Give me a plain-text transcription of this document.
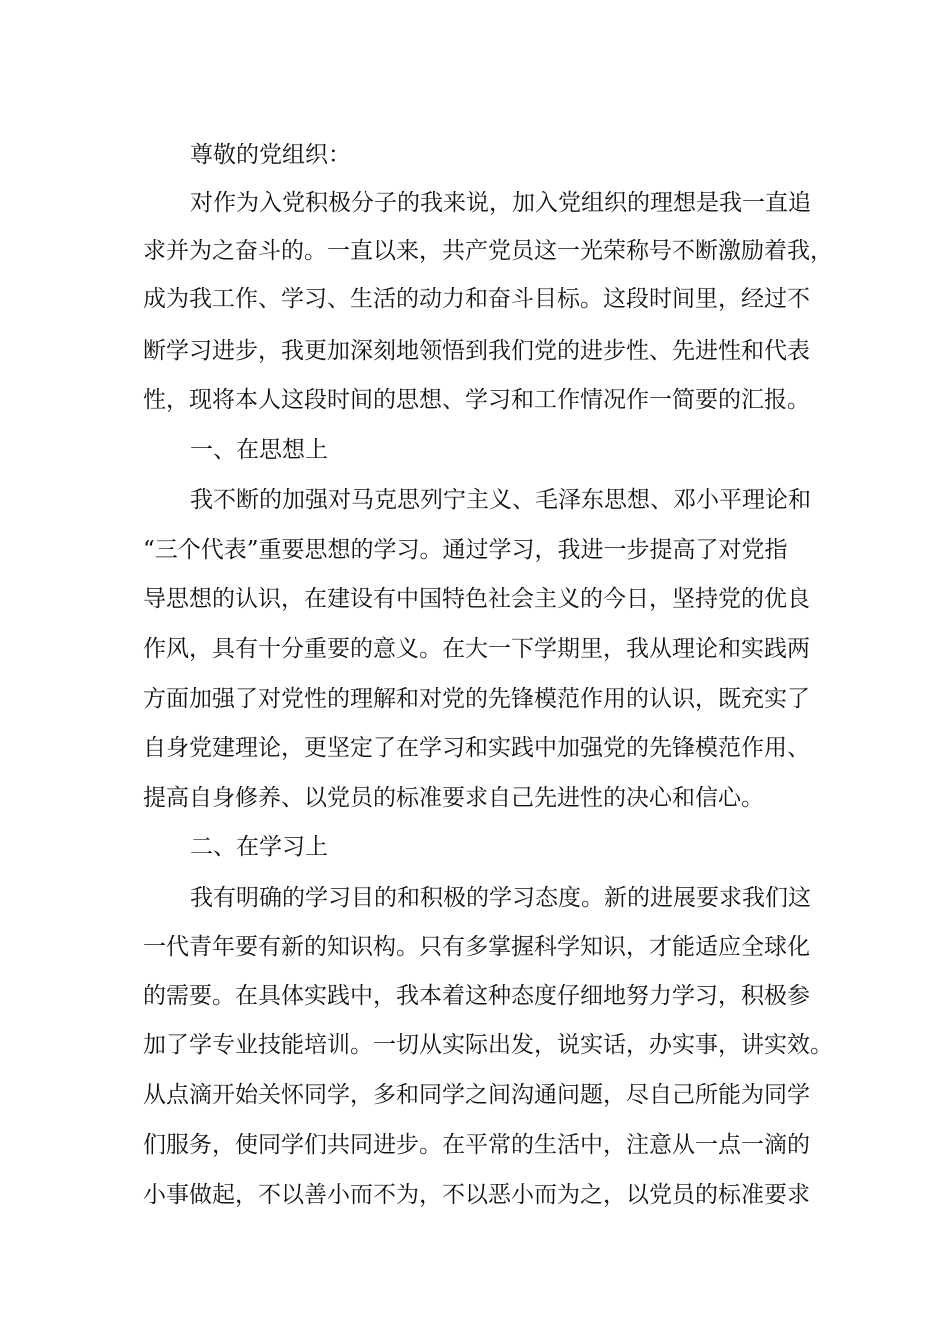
尊敬的党组织：
对作为入党积极分子的我来说，加入党组织的理想是我一直追
求并为之奋斗的。一直以来，共产党员这一光荣称号不断激励着我，
成为我工作、学习、生活的动力和奋斗目标。这段时间里，经过不
断学习进步，我更加深刻地领悟到我们党的进步性、先进性和代表
性，现将本人这段时间的思想、学习和工作情况作一简要的汇报。
一、在思想上
我不断的加强对马克思列宁主义、毛泽东思想、邓小平理论和
“三个代表”重要思想的学习。通过学习，我进一步提高了对党指
导思想的认识，在建设有中国特色社会主义的今日，坚持党的优良
作风，具有十分重要的意义。在大一下学期里，我从理论和实践两
方面加强了对党性的理解和对党的先锋模范作用的认识，既充实了
自身党建理论，更坚定了在学习和实践中加强党的先锋模范作用、
提高自身修养、以党员的标准要求自己先进性的决心和信心。
二、在学习上
我有明确的学习目的和积极的学习态度。新的进展要求我们这
一代青年要有新的知识构。只有多掌握科学知识，才能适应全球化
的需要。在具体实践中，我本着这种态度仔细地努力学习，积极参
加了学专业技能培训。一切从实际出发，说实话，办实事，讲实效。
从点滴开始关怀同学，多和同学之间沟通问题，尽自己所能为同学
们服务，使同学们共同进步。在平常的生活中，注意从一点一滴的
小事做起，不以善小而不为，不以恶小而为之，以党员的标准要求
